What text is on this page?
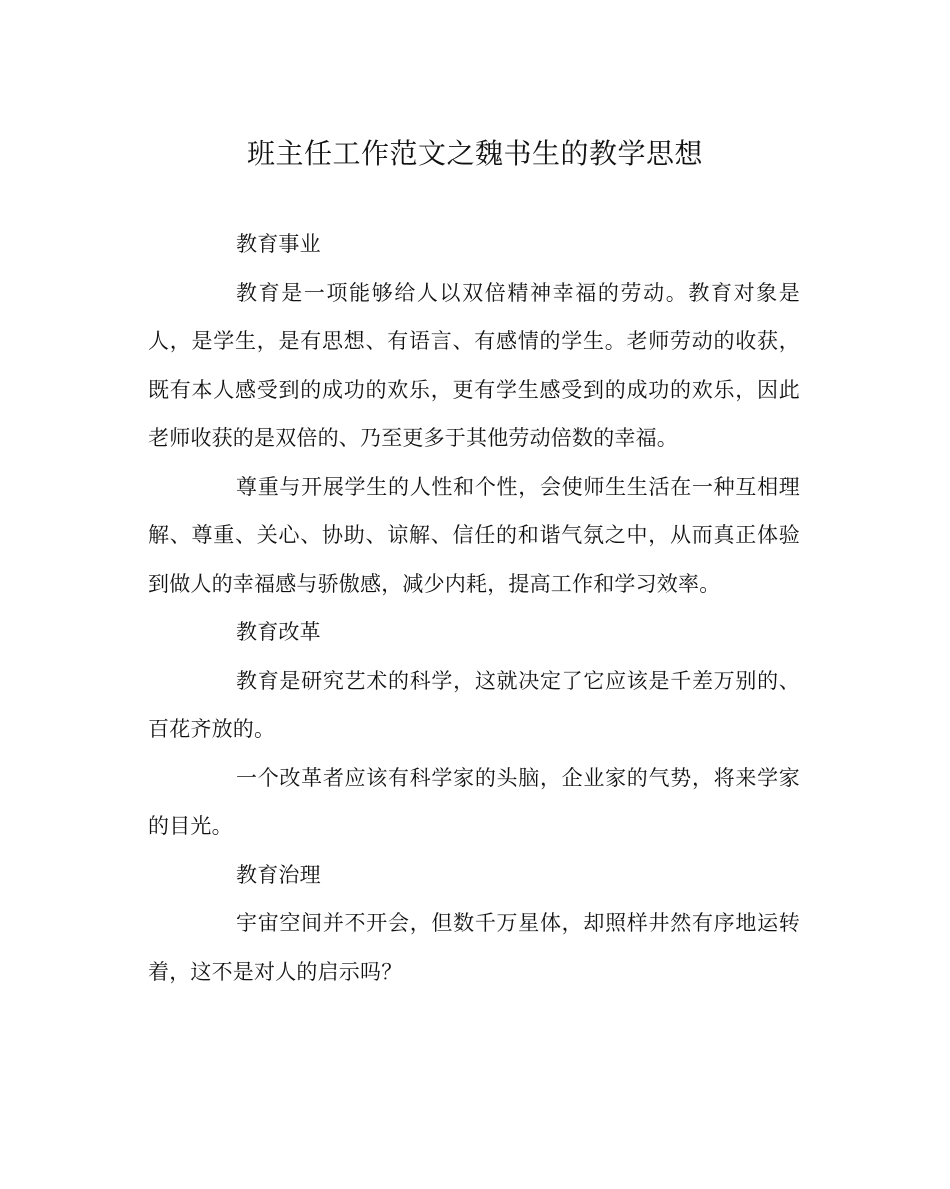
班主任工作范文之魏书生的教学思想

教育事业

教育是一项能够给人以双倍精神幸福的劳动。教育对象是人，是学生，是有思想、有语言、有感情的学生。老师劳动的收获，既有本人感受到的成功的欢乐，更有学生感受到的成功的欢乐，因此老师收获的是双倍的、乃至更多于其他劳动倍数的幸福。

尊重与开展学生的人性和个性，会使师生生活在一种互相理解、尊重、关心、协助、谅解、信任的和谐气氛之中，从而真正体验到做人的幸福感与骄傲感，减少内耗，提高工作和学习效率。

教育改革

教育是研究艺术的科学，这就决定了它应该是千差万别的、百花齐放的。

一个改革者应该有科学家的头脑，企业家的气势，将来学家的目光。

教育治理

宇宙空间并不开会，但数千万星体，却照样井然有序地运转着，这不是对人的启示吗？
